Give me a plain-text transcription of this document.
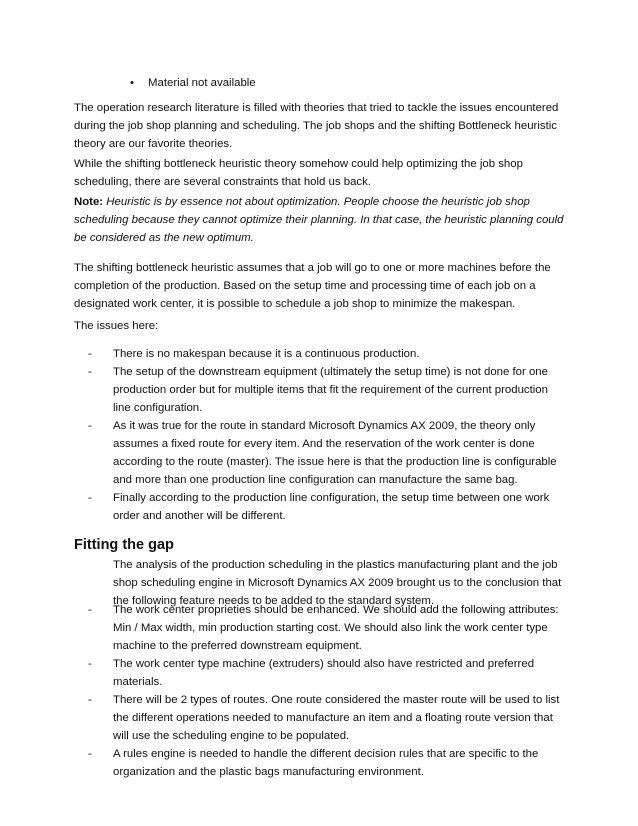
• Material not available

The operation research literature is filled with theories that tried to tackle the issues encountered during the job shop planning and scheduling. The job shops and the shifting Bottleneck heuristic theory are our favorite theories.

While the shifting bottleneck heuristic theory somehow could help optimizing the job shop scheduling, there are several constraints that hold us back.

Note: Heuristic is by essence not about optimization. People choose the heuristic job shop scheduling because they cannot optimize their planning. In that case, the heuristic planning could be considered as the new optimum.

The shifting bottleneck heuristic assumes that a job will go to one or more machines before the completion of the production. Based on the setup time and processing time of each job on a designated work center, it is possible to schedule a job shop to minimize the makespan.

The issues here:

- There is no makespan because it is a continuous production.
- The setup of the downstream equipment (ultimately the setup time) is not done for one production order but for multiple items that fit the requirement of the current production line configuration.
- As it was true for the route in standard Microsoft Dynamics AX 2009, the theory only assumes a fixed route for every item. And the reservation of the work center is done according to the route (master). The issue here is that the production line is configurable and more than one production line configuration can manufacture the same bag.
- Finally according to the production line configuration, the setup time between one work order and another will be different.
Fitting the gap

The analysis of the production scheduling in the plastics manufacturing plant and the job shop scheduling engine in Microsoft Dynamics AX 2009 brought us to the conclusion that the following feature needs to be added to the standard system.

- The work center proprieties should be enhanced. We should add the following attributes: Min / Max width, min production starting cost. We should also link the work center type machine to the preferred downstream equipment.
- The work center type machine (extruders) should also have restricted and preferred materials.
- There will be 2 types of routes. One route considered the master route will be used to list the different operations needed to manufacture an item and a floating route version that will use the scheduling engine to be populated.
- A rules engine is needed to handle the different decision rules that are specific to the organization and the plastic bags manufacturing environment.
